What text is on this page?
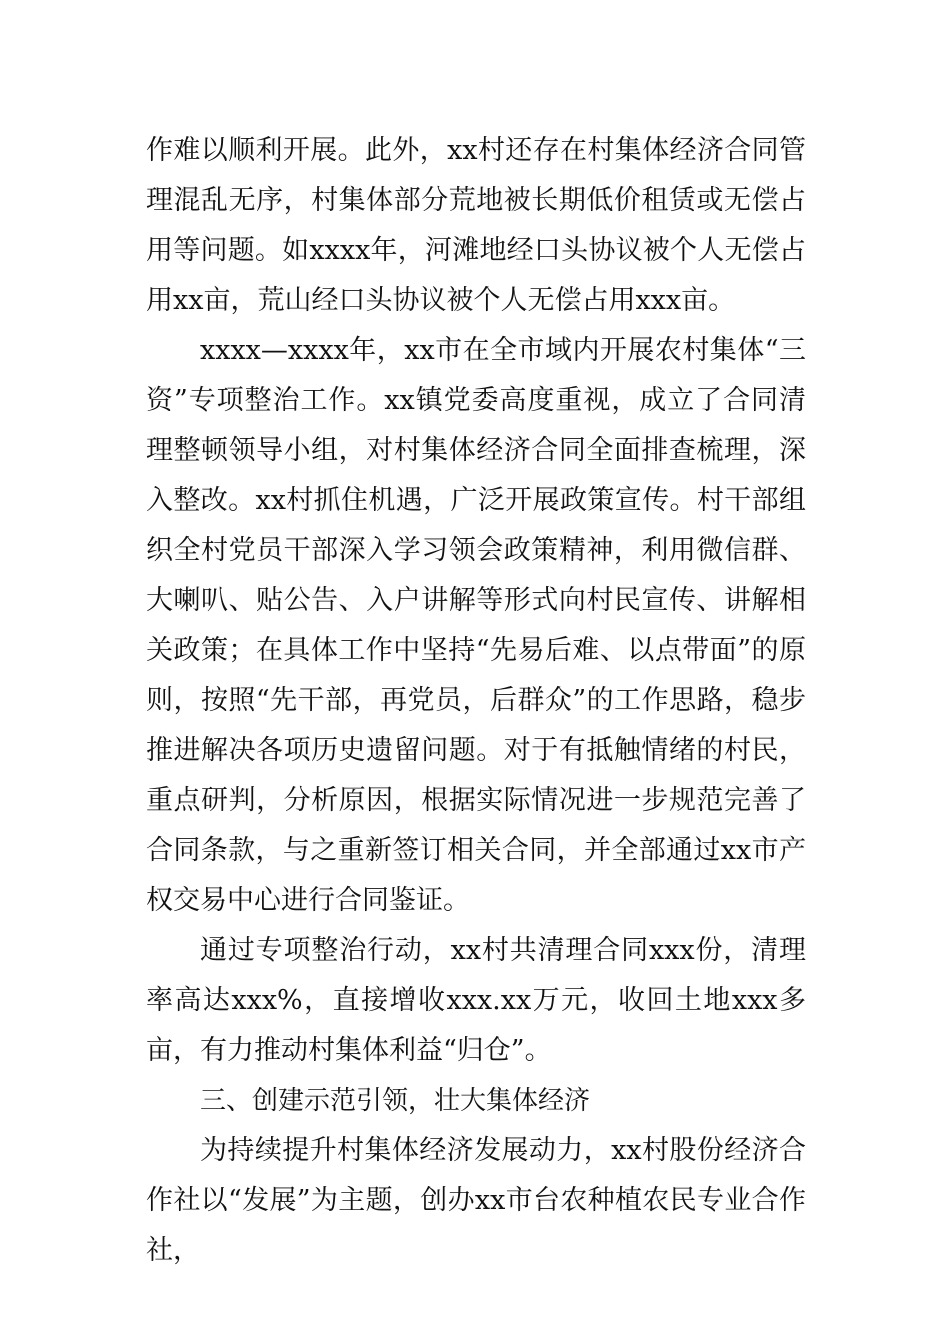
作难以顺利开展。此外，xx村还存在村集体经济合同管理混乱无序，村集体部分荒地被长期低价租赁或无偿占用等问题。如xxxx年，河滩地经口头协议被个人无偿占用xx亩，荒山经口头协议被个人无偿占用xxx亩。

xxxx—xxxx年，xx市在全市域内开展农村集体“三资”专项整治工作。xx镇党委高度重视，成立了合同清理整顿领导小组，对村集体经济合同全面排查梳理，深入整改。xx村抓住机遇，广泛开展政策宣传。村干部组织全村党员干部深入学习领会政策精神，利用微信群、大喇叭、贴公告、入户讲解等形式向村民宣传、讲解相关政策；在具体工作中坚持“先易后难、以点带面”的原则，按照“先干部，再党员，后群众”的工作思路，稳步推进解决各项历史遗留问题。对于有抵触情绪的村民，重点研判，分析原因，根据实际情况进一步规范完善了合同条款，与之重新签订相关合同，并全部通过xx市产权交易中心进行合同鉴证。

通过专项整治行动，xx村共清理合同xxx份，清理率高达xxx%，直接增收xxx.xx万元，收回土地xxx多亩，有力推动村集体利益“归仓”。

三、创建示范引领，壮大集体经济

为持续提升村集体经济发展动力，xx村股份经济合作社以“发展”为主题，创办xx市台农种植农民专业合作社，
